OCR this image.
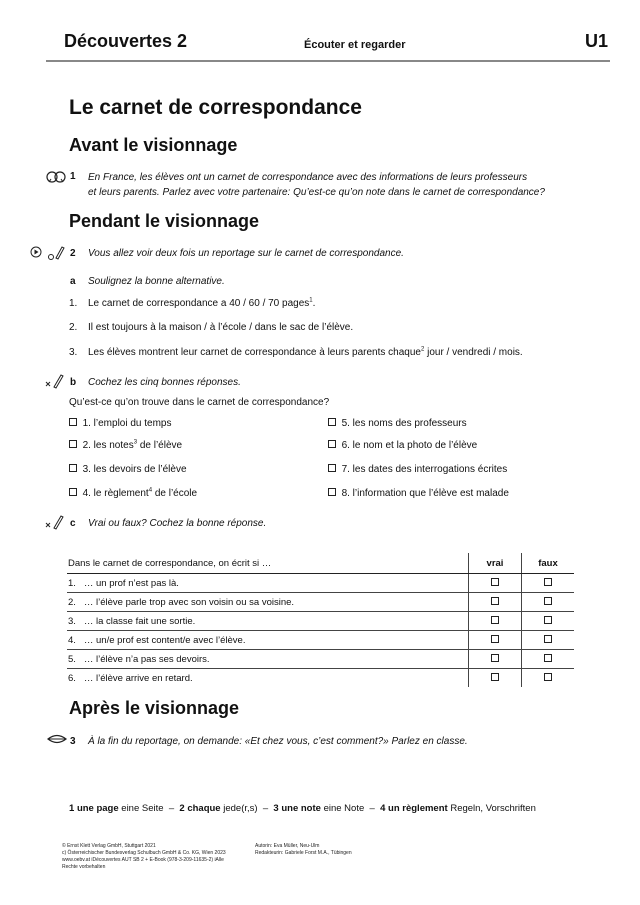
Découvertes 2	Écouter et regarder	U1
Le carnet de correspondance
Avant le visionnage
1 En France, les élèves ont un carnet de correspondance avec des informations de leurs professeurs
et leurs parents. Parlez avec votre partenaire: Qu’est-ce qu’on note dans le carnet de correspondance?
Pendant le visionnage
2 Vous allez voir deux fois un reportage sur le carnet de correspondance.
a Soulignez la bonne alternative.
1. Le carnet de correspondance a 40 / 60 / 70 pages$^1$.
2. Il est toujours à la maison / à l’école / dans le sac de l’élève.
3. Les élèves montrent leur carnet de correspondance à leurs parents chaque$^2$ jour / vendredi / mois.
b Cochez les cinq bonnes réponses.
Qu’est-ce qu’on trouve dans le carnet de correspondance?
1. l’emploi du temps
2. les notes$^3$ de l’élève
3. les devoirs de l’élève
4. le règlement$^4$ de l’école
5. les noms des professeurs
6. le nom et la photo de l’élève
7. les dates des interrogations écrites
8. l’information que l’élève est malade
c Vrai ou faux? Cochez la bonne réponse.
Dans le carnet de correspondance, on écrit si …	vrai	faux
1. … un prof n’est pas là.		
2. … l’élève parle trop avec son voisin ou sa voisine.		
3. … la classe fait une sortie.		
4. … un/e prof est content/e avec l’élève.		
5. … l’élève n’a pas ses devoirs.		
6. … l’élève arrive en retard.		
Après le visionnage
3 À la fin du reportage, on demande: «Et chez vous, c’est comment?» Parlez en classe.
1 une page eine Seite  –  2 chaque jede(r,s)  –  3 une note eine Note  –  4 un règlement Regeln, Vorschriften
© Ernst Klett Verlag GmbH, Stuttgart 2021
c) Österreichischer Bundesverlag Schulbuch GmbH & Co. KG, Wien 2023
www.oebv.at iDécouvertes AUT SB 2 + E-Book (978-3-209-11635-2) iAlle
Rechte vorbehalten
Autorin: Eva Müller, Neu-Ulm
Redakteurin: Gabriele Forst M.A., Tübingen
